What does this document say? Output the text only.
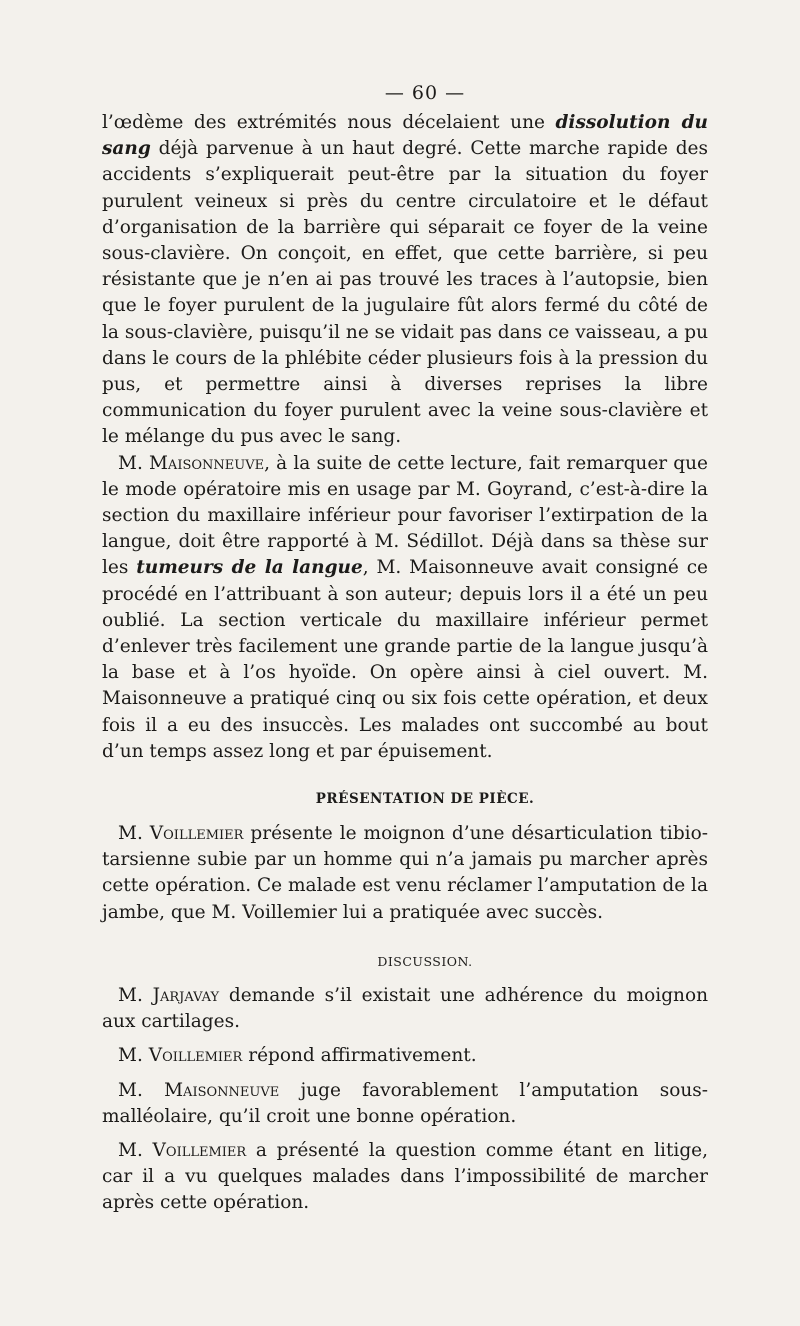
— 60 —

l’œdème des extrémités nous décelaient une dissolution du sang déjà parvenue à un haut degré. Cette marche rapide des accidents s’expliquerait peut-être par la situation du foyer purulent veineux si près du centre circulatoire et le défaut d’organisation de la barrière qui séparait ce foyer de la veine sous-clavière. On conçoit, en effet, que cette barrière, si peu résistante que je n’en ai pas trouvé les traces à l’autopsie, bien que le foyer purulent de la jugulaire fût alors fermé du côté de la sous-clavière, puisqu’il ne se vidait pas dans ce vaisseau, a pu dans le cours de la phlébite céder plusieurs fois à la pression du pus, et permettre ainsi à diverses reprises la libre communication du foyer purulent avec la veine sous-clavière et le mélange du pus avec le sang.

M. Maisonneuve, à la suite de cette lecture, fait remarquer que le mode opératoire mis en usage par M. Goyrand, c’est-à-dire la section du maxillaire inférieur pour favoriser l’extirpation de la langue, doit être rapporté à M. Sédillot. Déjà dans sa thèse sur les tumeurs de la langue, M. Maisonneuve avait consigné ce procédé en l’attribuant à son auteur; depuis lors il a été un peu oublié. La section verticale du maxillaire inférieur permet d’enlever très facilement une grande partie de la langue jusqu’à la base et à l’os hyoïde. On opère ainsi à ciel ouvert. M. Maisonneuve a pratiqué cinq ou six fois cette opération, et deux fois il a eu des insuccès. Les malades ont succombé au bout d’un temps assez long et par épuisement.

PRÉSENTATION DE PIÈCE.

M. Voillemier présente le moignon d’une désarticulation tibio-tarsienne subie par un homme qui n’a jamais pu marcher après cette opération. Ce malade est venu réclamer l’amputation de la jambe, que M. Voillemier lui a pratiquée avec succès.

DISCUSSION.

M. Jarjavay demande s’il existait une adhérence du moignon aux cartilages.

M. Voillemier répond affirmativement.

M. Maisonneuve juge favorablement l’amputation sous-malléolaire, qu’il croit une bonne opération.

M. Voillemier a présenté la question comme étant en litige, car il a vu quelques malades dans l’impossibilité de marcher après cette opération.
